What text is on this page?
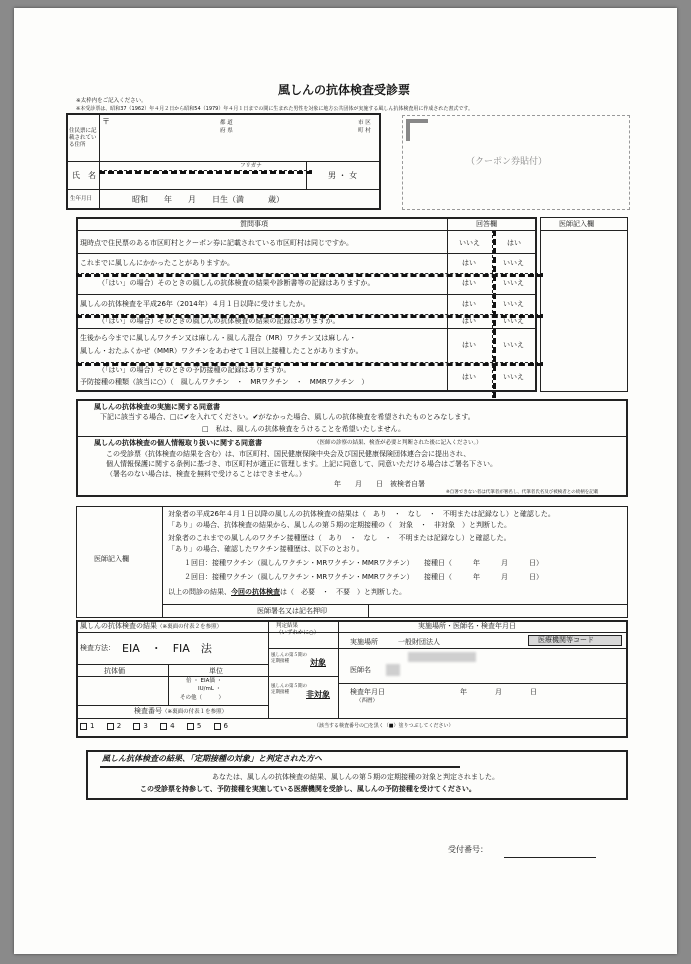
風しんの抗体検査受診票
※太枠内をご記入ください。
※本受診票は、昭和37（1962）年４月２日から昭和54（1979）年４月１日までの間に生まれた男性を対象に地方公共団体が実施する風しん抗体検査用に作成された書式です。
住民票に記載されている住所
〒	都 道
府 県
市 区
町 村
氏　名
フリガナ
男 ・ 女
生年月日	昭和　　年　　月　　日生（満　　　歳）
（クーポン券貼付）
医師記入欄
質問事項	回答欄
現時点で住民票のある市区町村とクーポン券に記載されている市区町村は同じですか。	いいえ	はい
これまでに風しんにかかったことがありますか。	はい	いいえ
（「はい」の場合）そのときの風しんの抗体検査の結果や診断書等の記録はありますか。	はい	いいえ
風しんの抗体検査を平成26年（2014年）４月１日以降に受けましたか。	はい	いいえ
（「はい」の場合）そのときの風しんの抗体検査の結果の記録はありますか。	はい	いいえ
生後から今までに風しんワクチン又は麻しん・風しん混合（MR）ワクチン又は麻しん・
風しん・おたふくかぜ（MMR）ワクチンをあわせて１回以上接種したことがありますか。
はい	いいえ
（「はい」の場合）そのときの予防接種の記録はありますか。
予防接種の種類（該当に○）（　風しんワクチン　・　MRワクチン　・　MMRワクチン　）
はい	いいえ
風しんの抗体検査の実施に関する同意書
下記に該当する場合、□に✔を入れてください。✔がなかった場合、風しんの抗体検査を希望されたものとみなします。
□　私は、風しんの抗体検査をうけることを希望いたしません。
風しんの抗体検査の個人情報取り扱いに関する同意書	（医師の診察の結果、検査が必要と判断された後に記入ください。）
この受診票（抗体検査の結果を含む）は、市区町村、国民健康保険中央会及び国民健康保険団体連合会に提出され、
個人情報保護に関する条例に基づき、市区町村が適正に管理します。上記に同意して、同意いただける場合はご署名下さい。
（署名のない場合は、検査を無料で受けることはできません。）
年　　月　　日　被検者自署
※自署できない者は代筆者が署名し、代筆者氏名及び被検者との続柄を記載
医師記入欄
対象者の平成26年４月１日以降の風しんの抗体検査の結果は（　あり　・　なし　・　不明または記録なし）と確認した。
「あり」の場合、抗体検査の結果から、風しんの第５期の定期接種の（　対象　・　非対象　）と判断した。
対象者のこれまでの風しんのワクチン接種歴は（　あり　・　なし　・　不明または記録なし）と確認した。
「あり」の場合、確認したワクチン接種歴は、以下のとおり。
１回目：接種ワクチン（風しんワクチン・MRワクチン・MMRワクチン）　　接種日（　　　年　　　月　　　日）
２回目：接種ワクチン（風しんワクチン・MRワクチン・MMRワクチン）　　接種日（　　　年　　　月　　　日）
以上の問診の結果、今回の抗体検査は（　必要　・　不要　）と判断した。
医師署名又は記名押印
風しんの抗体検査の結果（※裏面の付表２を参照）
検査方法： EIA　・　FIA　法
抗体価	単位
倍 ・ EIA価 ・
IU/mL ・
その他（　　　）
判定結果
（いずれかに○）
風しんの第５期の
定期接種	対象
風しんの第５期の
定期接種	非対象
検査番号（※裏面の付表１を参照）
1	2	3	4	5	6	（該当する検査番号の□を黒く（■）塗りつぶしてください）
実施場所・医師名・検査年月日
実施場所	一般財団法人	医療機関等コード
医師名
検査年月日
（西暦）
年　　　　月　　　　日
風しん抗体検査の結果、「定期接種の対象」と判定された方へ
あなたは、風しんの抗体検査の結果、風しんの第５期の定期接種の対象と判定されました。
この受診票を持参して、予防接種を実施している医療機関を受診し、風しんの予防接種を受けてください。
受付番号：
